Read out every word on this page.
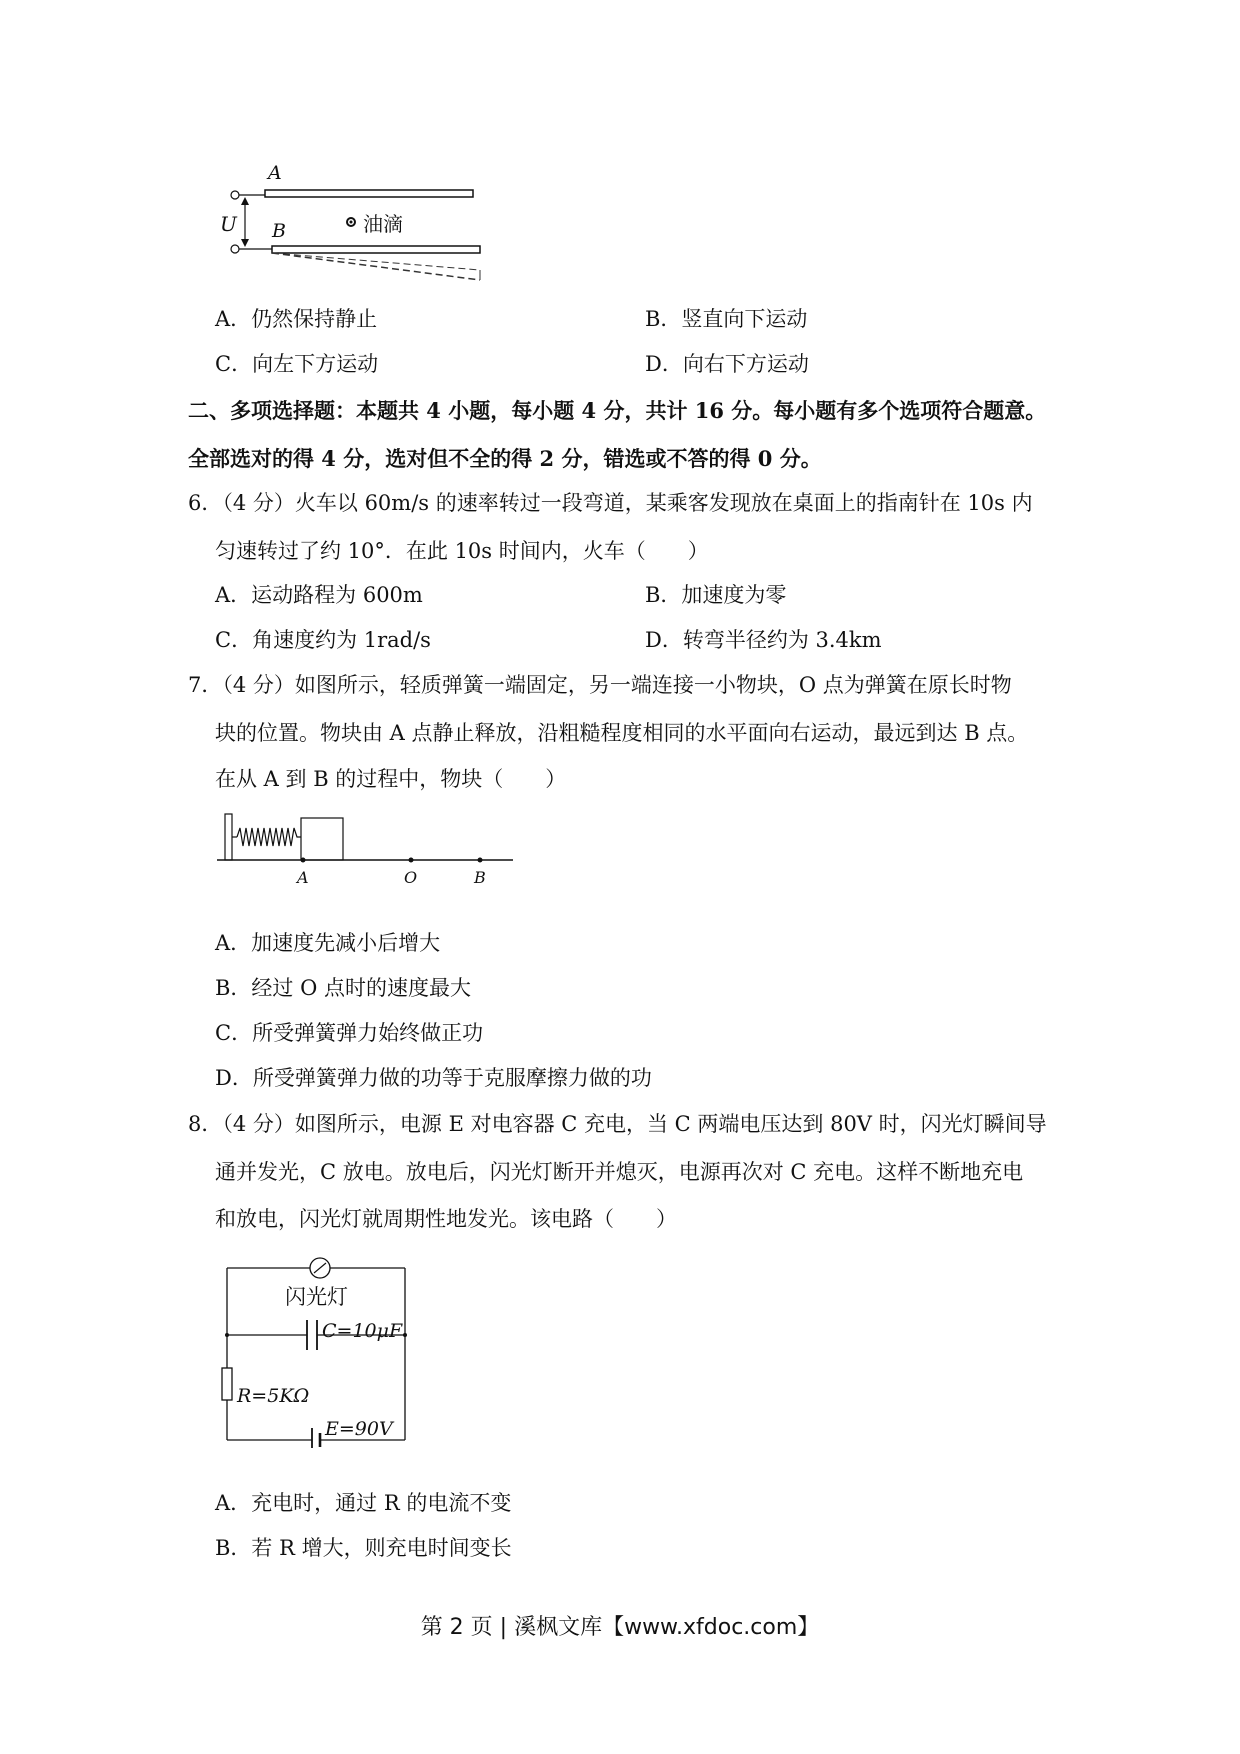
A
B
U	油滴
A．仍然保持静止	B．竖直向下运动
C．向左下方运动	D．向右下方运动
二、多项选择题：本题共 4 小题，每小题 4 分，共计 16 分。每小题有多个选项符合题意。
全部选对的得 4 分，选对但不全的得 2 分，错选或不答的得 0 分。
6．（4 分）火车以 60m/s 的速率转过一段弯道，某乘客发现放在桌面上的指南针在 10s 内
匀速转过了约 10°．在此 10s 时间内，火车（　　）
A．运动路程为 600m	B．加速度为零
C．角速度约为 1rad/s	D．转弯半径约为 3.4km
7．（4 分）如图所示，轻质弹簧一端固定，另一端连接一小物块，O 点为弹簧在原长时物
块的位置。物块由 A 点静止释放，沿粗糙程度相同的水平面向右运动，最远到达 B 点。
在从 A 到 B 的过程中，物块（　　）
A	O	B
A．加速度先减小后增大
B．经过 O 点时的速度最大
C．所受弹簧弹力始终做正功
D．所受弹簧弹力做的功等于克服摩擦力做的功
8．（4 分）如图所示，电源 E 对电容器 C 充电，当 C 两端电压达到 80V 时，闪光灯瞬间导
通并发光，C 放电。放电后，闪光灯断开并熄灭，电源再次对 C 充电。这样不断地充电
和放电，闪光灯就周期性地发光。该电路（　　）
闪光灯
C=10μF
R=5KΩ
E=90V
A．充电时，通过 R 的电流不变
B．若 R 增大，则充电时间变长
第 2 页 | 溪枫文库【www.xfdoc.com】
